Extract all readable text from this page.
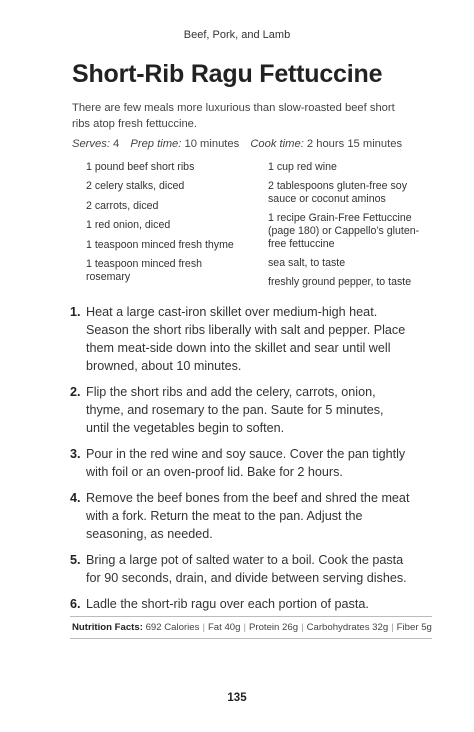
Beef, Pork, and Lamb
Short-Rib Ragu Fettuccine

There are few meals more luxurious than slow-roasted beef short ribs atop fresh fettuccine.

Serves: 4 Prep time: 10 minutes Cook time: 2 hours 15 minutes
1 pound beef short ribs
2 celery stalks, diced
2 carrots, diced
1 red onion, diced
1 teaspoon minced fresh thyme
1 teaspoon minced fresh rosemary
1 cup red wine
2 tablespoons gluten-free soy sauce or coconut aminos
1 recipe Grain-Free Fettuccine (page 180) or Cappello’s gluten-free fettuccine
sea salt, to taste
freshly ground pepper, to taste
1. Heat a large cast-iron skillet over medium-high heat. Season the short ribs liberally with salt and pepper. Place them meat-side down into the skillet and sear until well browned, about 10 minutes.
2. Flip the short ribs and add the celery, carrots, onion, thyme, and rosemary to the pan. Saute for 5 minutes, until the vegetables begin to soften.
3. Pour in the red wine and soy sauce. Cover the pan tightly with foil or an oven-proof lid. Bake for 2 hours.
4. Remove the beef bones from the beef and shred the meat with a fork. Return the meat to the pan. Adjust the seasoning, as needed.
5. Bring a large pot of salted water to a boil. Cook the pasta for 90 seconds, drain, and divide between serving dishes.
6. Ladle the short-rib ragu over each portion of pasta.
Nutrition Facts: 692 Calories | Fat 40g | Protein 26g | Carbohydrates 32g | Fiber 5g
135
